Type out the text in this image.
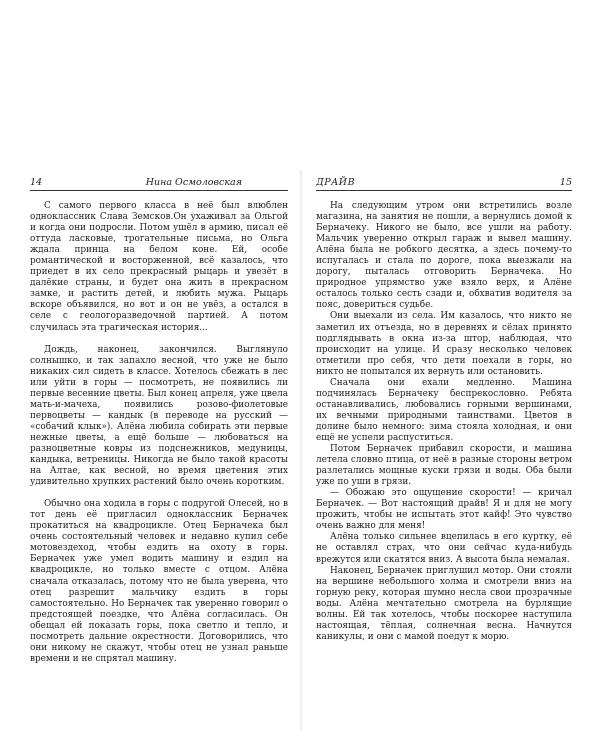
14	Нина Осмоловская

С самого первого класса в неё был влюблен одноклассник Слава Земсков.Он ухаживал за Ольгой и когда они подросли. Потом ушёл в армию, писал её оттуда ласковые, трогательные письма, но Ольга ждала принца на белом коне. Ей, особе романтической и восторженной, всё казалось, что приедет в их село прекрасный рыцарь и увезёт в далёкие страны, и будет она жить в прекрасном замке, и растить детей, и любить мужа. Рыцарь вскоре объявился, но вот и он не увёз, а остался в селе с геологоразведочной партией. А потом случилась эта трагическая история...

Дождь, наконец, закончился. Выглянуло солнышко, и так запахло весной, что уже не было никаких сил сидеть в классе. Хотелось сбежать в лес или уйти в горы — посмотреть, не появились ли первые весенние цветы. Был конец апреля, уже цвела мать-и-мачеха, появились розово-фиолетовые первоцветы — кандык (в переводе на русский — «собачий клык»). Алёна любила собирать эти первые нежные цветы, а ещё больше — любоваться на разноцветные ковры из подснежников, медуницы, кандыка, ветреницы. Никогда не было такой красоты на Алтае, как весной, но время цветения этих удивительно хрупких растений было очень коротким.

Обычно она ходила в горы с подругой Олесей, но в тот день её пригласил одноклассник Берначек прокатиться на квадроцикле. Отец Берначека был очень состоятельный человек и недавно купил себе мотовездеход, чтобы ездить на охоту в горы. Берначек уже умел водить машину и ездил на квадроцикле, но только вместе с отцом. Алёна сначала отказалась, потому что не была уверена, что отец разрешит мальчику ездить в горы самостоятельно. Но Берначек так уверенно говорил о предстоящей поездке, что Алёна согласилась. Он обещал ей показать горы, пока светло и тепло, и посмотреть дальние окрестности. Договорились, что они никому не скажут, чтобы отец не узнал раньше времени и не спрятал машину.

ДРАЙВ	15

На следующим утром они встретились возле магазина, на занятия не пошли, а вернулись домой к Берначеку. Никого не было, все ушли на работу. Мальчик уверенно открыл гараж и вывел машину. Алёна была не робкого десятка, а здесь почему-то испугалась и стала по дороге, пока выезжали на дорогу, пыталась отговорить Берначека. Но природное упрямство уже взяло верх, и Алёне осталось только сесть сзади и, обхватив водителя за пояс, довериться судьбе.

Они выехали из села. Им казалось, что никто не заметил их отъезда, но в деревнях и сёлах принято подглядывать в окна из-за штор, наблюдая, что происходит на улице. И сразу несколько человек отметили про себя, что дети поехали в горы, но никто не попытался их вернуть или остановить.

Сначала они ехали медленно. Машина подчинялась Берначеку беспрекословно. Ребята останавливались, любовались горными вершинами, их вечными природными таинствами. Цветов в долине было немного: зима стояла холодная, и они ещё не успели распуститься.

Потом Берначек прибавил скорости, и машина летела словно птица, от неё в разные стороны ветром разлетались мощные куски грязи и воды. Оба были уже по уши в грязи.

— Обожаю это ощущение скорости! — кричал Берначек. — Вот настоящий драйв! Я и для не могу прожить, чтобы не испытать этот кайф! Это чувство очень важно для меня!

Алёна только сильнее вцепилась в его куртку, её не оставлял страх, что они сейчас куда-нибудь врежутся или скатятся вниз. А высота была немалая.

Наконец, Берначек приглушил мотор. Они стояли на вершине небольшого холма и смотрели вниз на горную реку, которая шумно несла свои прозрачные воды. Алёна мечтательно смотрела на бурлящие волны. Ей так хотелось, чтобы поскорее наступила настоящая, тёплая, солнечная весна. Начнутся каникулы, и они с мамой поедут к морю.
